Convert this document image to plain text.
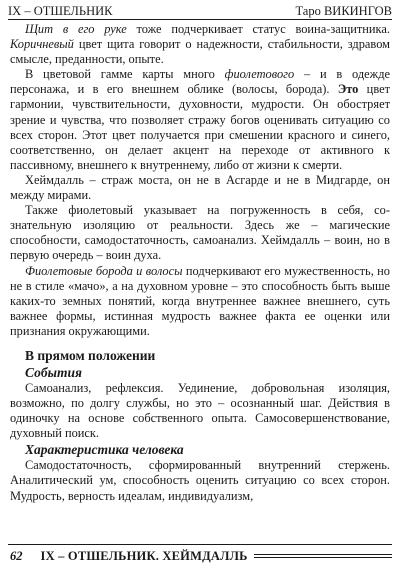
IX – ОТШЕЛЬНИК	Таро ВИКИНГОВ

Щит в его руке тоже подчеркивает статус воина-защитника. Коричневый цвет щита говорит о надежности, стабильности, здравом смысле, преданности, опыте.

В цветовой гамме карты много фиолетового – и в одежде персонажа, и в его внешнем облике (волосы, борода). Это цвет гармонии, чувствительности, духовности, мудрости. Он обостряет зрение и чувства, что позволяет стражу богов оценивать ситуацию со всех сторон. Этот цвет получается при смешении красного и синего, соответственно, он делает акцент на переходе от активного к пассивному, внешнего к внутреннему, либо от жизни к смерти.

Хеймдалль – страж моста, он не в Асгарде и не в Мидгарде, он между мирами.

Также фиолетовый указывает на погруженность в себя, сознательную изоляцию от реальности. Здесь же – магические способности, самодостаточность, самоанализ. Хеймдалль – воин, но в первую очередь – воин духа.

Фиолетовые борода и волосы подчеркивают его мужественность, но не в стиле «мачо», а на духовном уровне – это способность быть выше каких-то земных понятий, когда внутреннее важнее внешнего, суть важнее формы, истинная мудрость важнее факта ее оценки или признания окружающими.

В прямом положении
События

Самоанализ, рефлексия. Уединение, добровольная изоляция, возможно, по долгу службы, но это – осознанный шаг. Действия в одиночку на основе собственного опыта. Самосовершенствование, духовный поиск.

Характеристика человека

Самодостаточность, сформированный внутренний стержень. Аналитический ум, способность оценить ситуацию со всех сторон. Мудрость, верность идеалам, индивидуализм,

62 IX – ОТШЕЛЬНИК. ХЕЙМДАЛЛЬ
